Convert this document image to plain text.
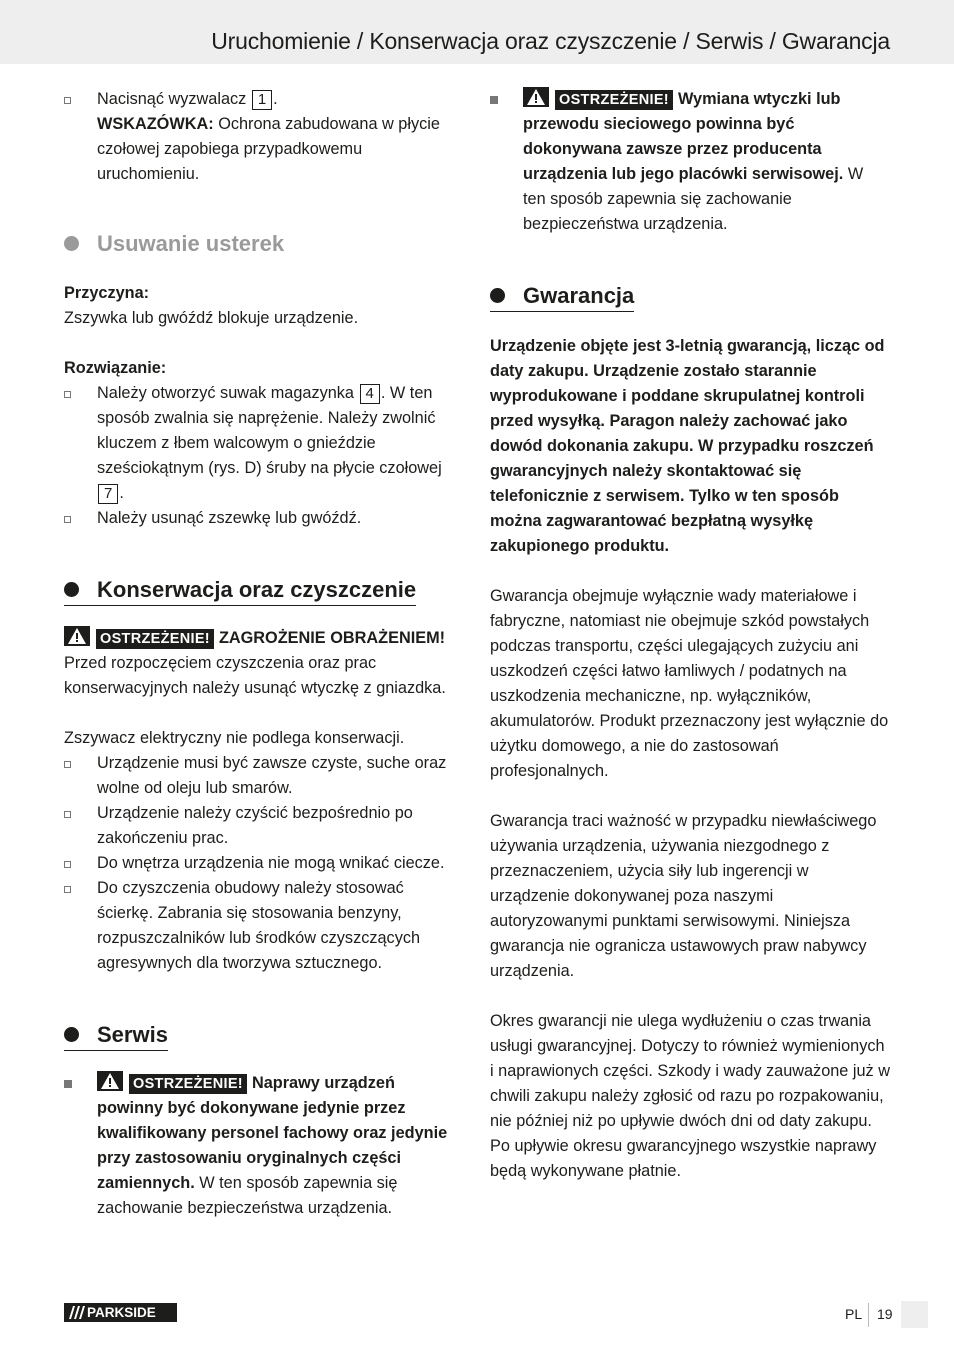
Uruchomienie / Konserwacja oraz czyszczenie / Serwis / Gwarancja

Nacisnąć wyzwalacz 1 .
WSKAZÓWKA: Ochrona zabudowana w płycie czołowej zapobiega przypadkowemu uruchomieniu.

Usuwanie usterek

Przyczyna:

Zszywka lub gwóźdź blokuje urządzenie.

Rozwiązanie:

Należy otworzyć suwak magazynka 4 . W ten sposób zwalnia się naprężenie. Należy zwolnić kluczem z łbem walcowym o gnieździe sześciokątnym (rys. D) śruby na płycie czołowej 7 .

Należy usunąć zszewkę lub gwóźdź.

Konserwacja oraz czyszczenie

OSTRZEŻENIE! ZAGROŻENIE OBRAŻENIEM! Przed rozpoczęciem czyszczenia oraz prac konserwacyjnych należy usunąć wtyczkę z gniazdka.

Zszywacz elektryczny nie podlega konserwacji.

Urządzenie musi być zawsze czyste, suche oraz wolne od oleju lub smarów.

Urządzenie należy czyścić bezpośrednio po zakończeniu prac.

Do wnętrza urządzenia nie mogą wnikać ciecze.

Do czyszczenia obudowy należy stosować ścierkę. Zabrania się stosowania benzyny, rozpuszczalników lub środków czyszczących agresywnych dla tworzywa sztucznego.

Serwis

OSTRZEŻENIE! Naprawy urządzeń powinny być dokonywane jedynie przez kwalifikowany personel fachowy oraz jedynie przy zastosowaniu oryginalnych części zamiennych. W ten sposób zapewnia się zachowanie bezpieczeństwa urządzenia.

OSTRZEŻENIE! Wymiana wtyczki lub przewodu sieciowego powinna być dokonywana zawsze przez producenta urządzenia lub jego placówki serwisowej. W ten sposób zapewnia się zachowanie bezpieczeństwa urządzenia.

Gwarancja

Urządzenie objęte jest 3-letnią gwarancją, licząc od daty zakupu. Urządzenie zostało starannie wyprodukowane i poddane skrupulatnej kontroli przed wysyłką. Paragon należy zachować jako dowód dokonania zakupu. W przypadku roszczeń gwarancyjnych należy skontaktować się telefonicznie z serwisem. Tylko w ten sposób można zagwarantować bezpłatną wysyłkę zakupionego produktu.

Gwarancja obejmuje wyłącznie wady materiałowe i fabryczne, natomiast nie obejmuje szkód powstałych podczas transportu, części ulegających zużyciu ani uszkodzeń części łatwo łamliwych / podatnych na uszkodzenia mechaniczne, np. wyłączników, akumulatorów. Produkt przeznaczony jest wyłącznie do użytku domowego, a nie do zastosowań profesjonalnych.

Gwarancja traci ważność w przypadku niewłaściwego używania urządzenia, używania niezgodnego z przeznaczeniem, użycia siły lub ingerencji w urządzenie dokonywanej poza naszymi autoryzowanymi punktami serwisowymi. Niniejsza gwarancja nie ogranicza ustawowych praw nabywcy urządzenia.

Okres gwarancji nie ulega wydłużeniu o czas trwania usługi gwarancyjnej. Dotyczy to również wymienionych i naprawionych części. Szkody i wady zauważone już w chwili zakupu należy zgłosić od razu po rozpakowaniu, nie później niż po upływie dwóch dni od daty zakupu. Po upływie okresu gwarancyjnego wszystkie naprawy będą wykonywane płatnie.

PARKSIDE	PL 19
